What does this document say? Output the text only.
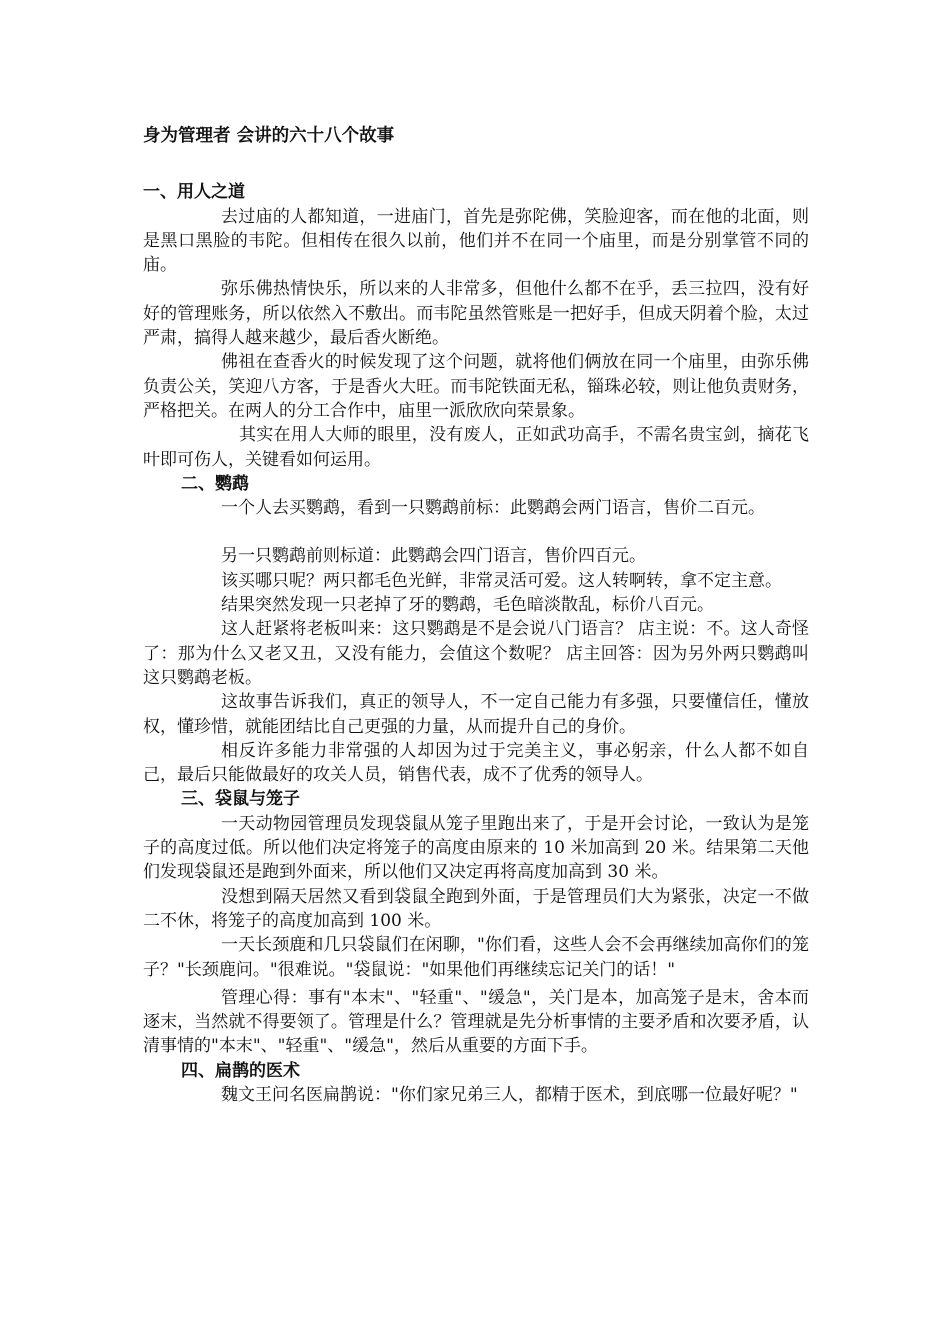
身为管理者 会讲的六十八个故事
一、用人之道

去过庙的人都知道，一进庙门，首先是弥陀佛，笑脸迎客，而在他的北面，则是黑口黑脸的韦陀。但相传在很久以前，他们并不在同一个庙里，而是分别掌管不同的庙。

弥乐佛热情快乐，所以来的人非常多，但他什么都不在乎，丢三拉四，没有好好的管理账务，所以依然入不敷出。而韦陀虽然管账是一把好手，但成天阴着个脸，太过严肃，搞得人越来越少，最后香火断绝。

佛祖在查香火的时候发现了这个问题，就将他们俩放在同一个庙里，由弥乐佛负责公关，笑迎八方客，于是香火大旺。而韦陀铁面无私，锱珠必较，则让他负责财务，严格把关。在两人的分工合作中，庙里一派欣欣向荣景象。

其实在用人大师的眼里，没有废人，正如武功高手，不需名贵宝剑，摘花飞叶即可伤人，关键看如何运用。

二、鹦鹉

一个人去买鹦鹉，看到一只鹦鹉前标：此鹦鹉会两门语言，售价二百元。

另一只鹦鹉前则标道：此鹦鹉会四门语言，售价四百元。

该买哪只呢？两只都毛色光鲜，非常灵活可爱。这人转啊转，拿不定主意。

结果突然发现一只老掉了牙的鹦鹉，毛色暗淡散乱，标价八百元。

这人赶紧将老板叫来：这只鹦鹉是不是会说八门语言？ 店主说：不。这人奇怪了：那为什么又老又丑，又没有能力，会值这个数呢？ 店主回答：因为另外两只鹦鹉叫这只鹦鹉老板。

这故事告诉我们，真正的领导人，不一定自己能力有多强，只要懂信任，懂放权，懂珍惜，就能团结比自己更强的力量，从而提升自己的身价。

相反许多能力非常强的人却因为过于完美主义，事必躬亲，什么人都不如自己，最后只能做最好的攻关人员，销售代表，成不了优秀的领导人。

三、袋鼠与笼子

一天动物园管理员发现袋鼠从笼子里跑出来了，于是开会讨论，一致认为是笼子的高度过低。所以他们决定将笼子的高度由原来的 10 米加高到 20 米。结果第二天他们发现袋鼠还是跑到外面来，所以他们又决定再将高度加高到 30 米。

没想到隔天居然又看到袋鼠全跑到外面，于是管理员们大为紧张，决定一不做二不休，将笼子的高度加高到 100 米。

一天长颈鹿和几只袋鼠们在闲聊，"你们看，这些人会不会再继续加高你们的笼子？"长颈鹿问。"很难说。"袋鼠说："如果他们再继续忘记关门的话！"

管理心得：事有"本末"、"轻重"、"缓急"，关门是本，加高笼子是末，舍本而逐末，当然就不得要领了。管理是什么？管理就是先分析事情的主要矛盾和次要矛盾，认清事情的"本末"、"轻重"、"缓急"，然后从重要的方面下手。

四、扁鹊的医术

魏文王问名医扁鹊说："你们家兄弟三人，都精于医术，到底哪一位最好呢？"
